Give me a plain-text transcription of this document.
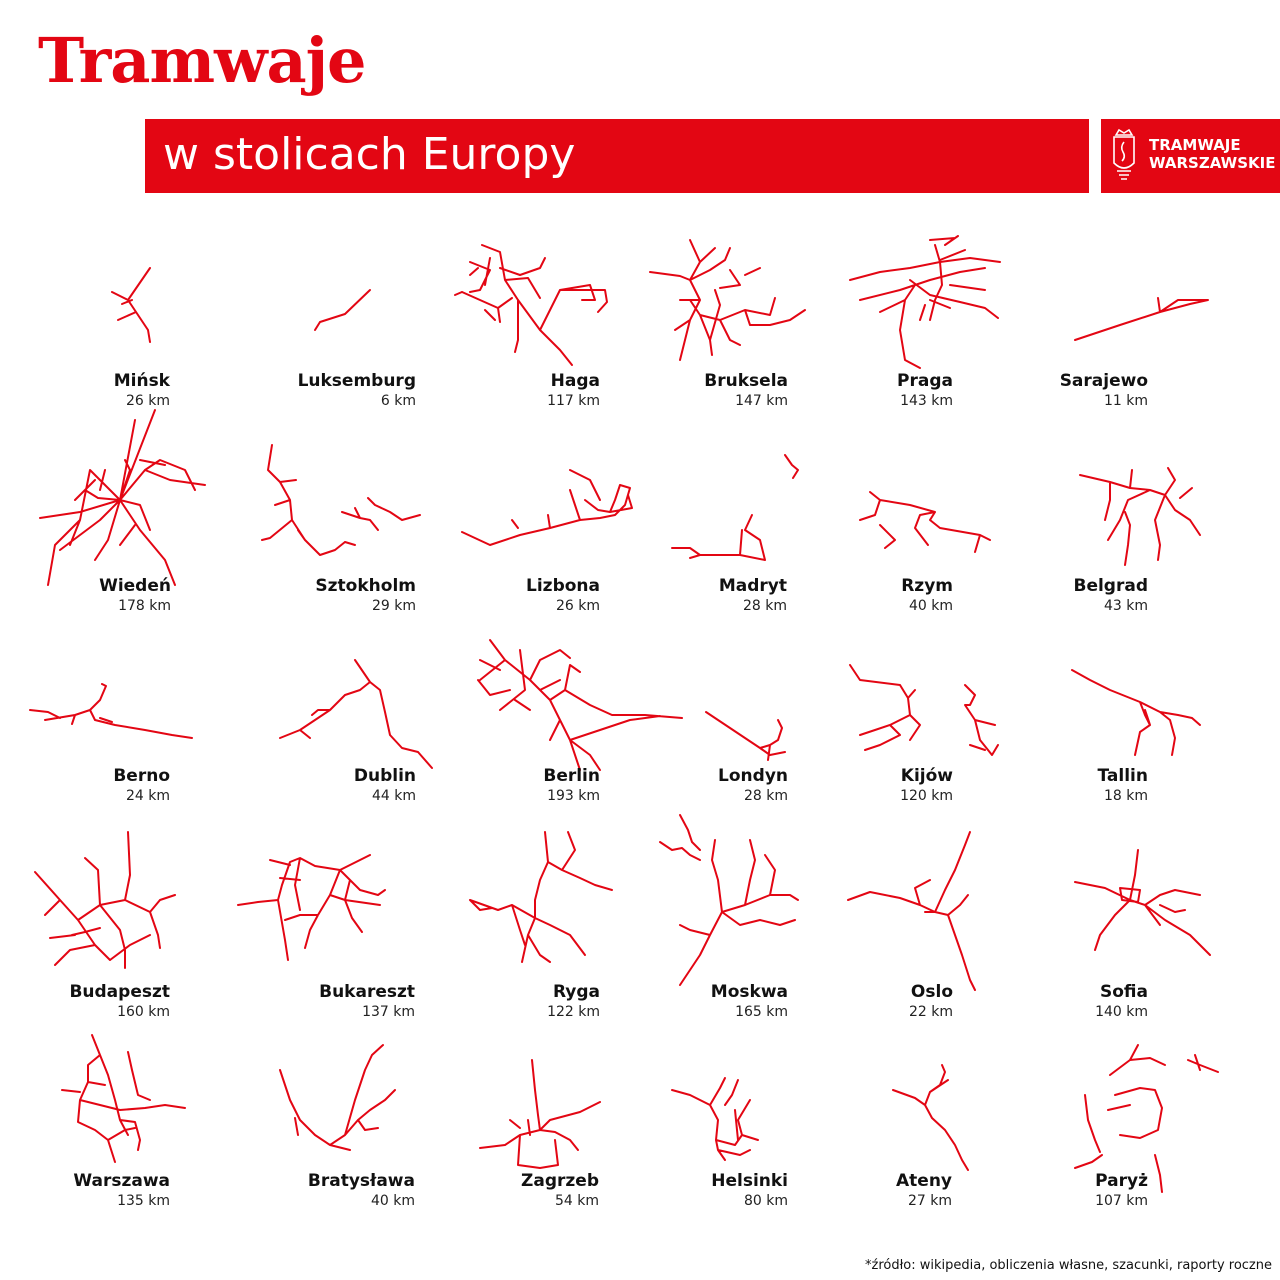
Tramwaje
w stolicach Europy	TRAMWAJE
WARSZAWSKIE
Mińsk
26 km
Luksemburg
6 km
Haga
117 km
Bruksela
147 km
Praga
143 km
Sarajewo
11 km
Wiedeń
178 km
Sztokholm
29 km
Lizbona
26 km
Madryt
28 km
Rzym
40 km
Belgrad
43 km
Berno
24 km
Dublin
44 km
Berlin
193 km
Londyn
28 km
Kijów
120 km
Tallin
18 km
Budapeszt
160 km
Bukareszt
137 km
Ryga
122 km
Moskwa
165 km
Oslo
22 km
Sofia
140 km
Warszawa
135 km
Bratysława
40 km
Zagrzeb
54 km
Helsinki
80 km
Ateny
27 km
Paryż
107 km
*źródło: wikipedia, obliczenia własne, szacunki, raporty roczne
